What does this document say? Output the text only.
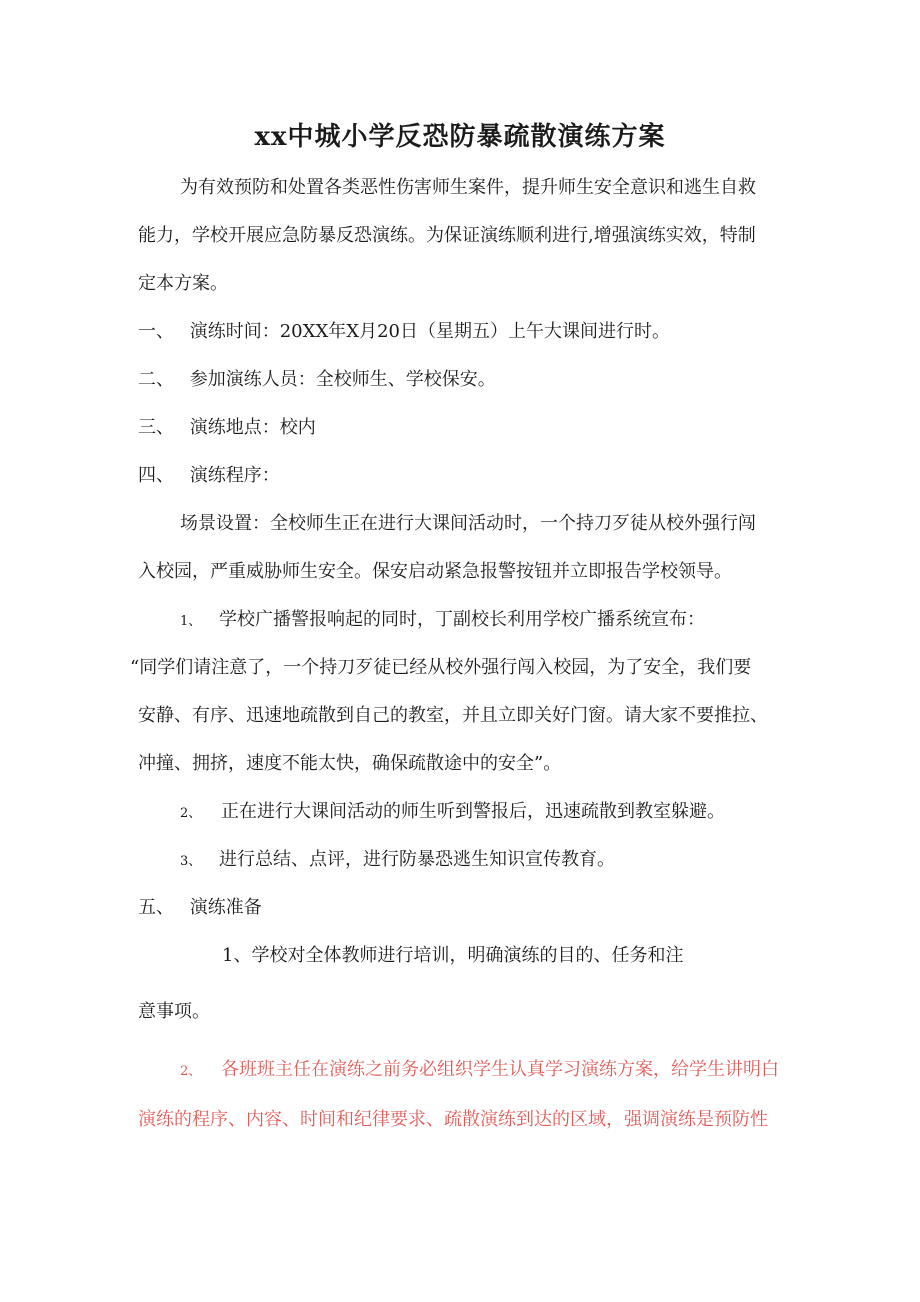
xx中城小学反恐防暴疏散演练方案
为有效预防和处置各类恶性伤害师生案件，提升师生安全意识和逃生自救
能力，学校开展应急防暴反恐演练。为保证演练顺利进行,增强演练实效，特制
定本方案。
一、 演练时间：20XX年X月20日（星期五）上午大课间进行时。
二、 参加演练人员：全校师生、学校保安。
三、 演练地点：校内
四、 演练程序：
场景设置：全校师生正在进行大课间活动时，一个持刀歹徒从校外强行闯
入校园，严重威胁师生安全。保安启动紧急报警按钮并立即报告学校领导。
1、 学校广播警报响起的同时，丁副校长利用学校广播系统宣布：
“同学们请注意了，一个持刀歹徒已经从校外强行闯入校园，为了安全，我们要
安静、有序、迅速地疏散到自己的教室，并且立即关好门窗。请大家不要推拉、
冲撞、拥挤，速度不能太快，确保疏散途中的安全”。
2、 正在进行大课间活动的师生听到警报后，迅速疏散到教室躲避。
3、 进行总结、点评，进行防暴恐逃生知识宣传教育。
五、 演练准备
1、学校对全体教师进行培训，明确演练的目的、任务和注
意事项。
2、 各班班主任在演练之前务必组织学生认真学习演练方案，给学生讲明白
演练的程序、内容、时间和纪律要求、疏散演练到达的区域，强调演练是预防性
